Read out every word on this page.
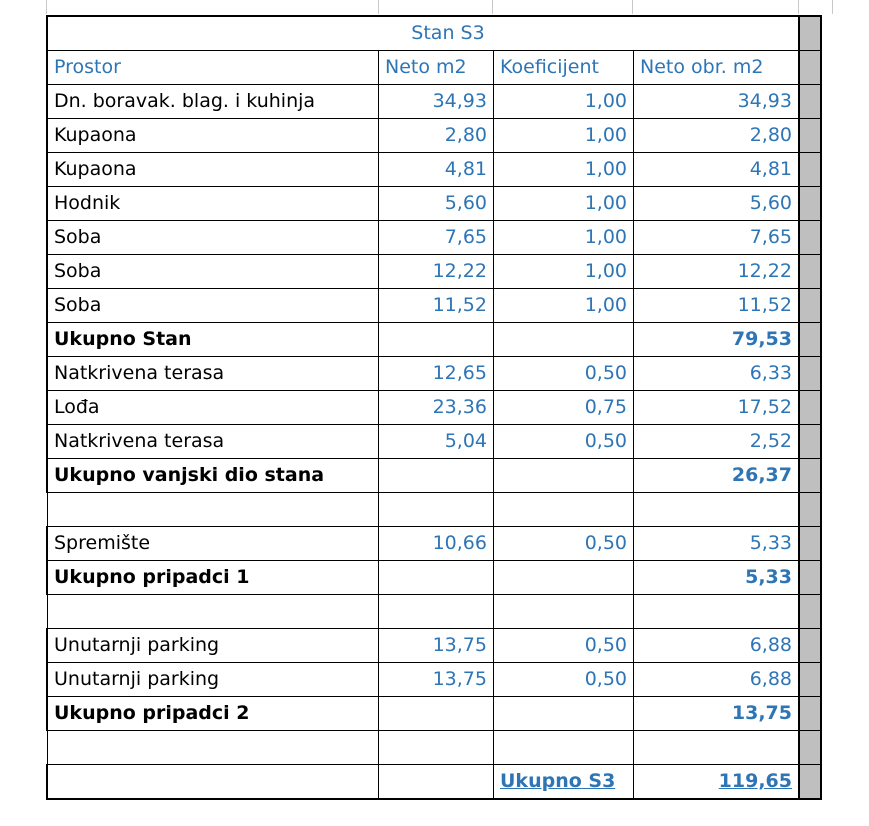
Stan S3				
Prostor	Neto m2	Koeficijent	Neto obr. m2	
Dn. boravak. blag. i kuhinja	34,93	1,00	34,93	
Kupaona	2,80	1,00	2,80	
Kupaona	4,81	1,00	4,81	
Hodnik	5,60	1,00	5,60	
Soba	7,65	1,00	7,65	
Soba	12,22	1,00	12,22	
Soba	11,52	1,00	11,52	
Ukupno Stan			79,53	
Natkrivena terasa	12,65	0,50	6,33	
Lođa	23,36	0,75	17,52	
Natkrivena terasa	5,04	0,50	2,52	
Ukupno vanjski dio stana			26,37	

Spremište	10,66	0,50	5,33	
Ukupno pripadci 1			5,33	

Unutarnji parking	13,75	0,50	6,88	
Unutarnji parking	13,75	0,50	6,88	
Ukupno pripadci 2			13,75	

		Ukupno S3	119,65	
